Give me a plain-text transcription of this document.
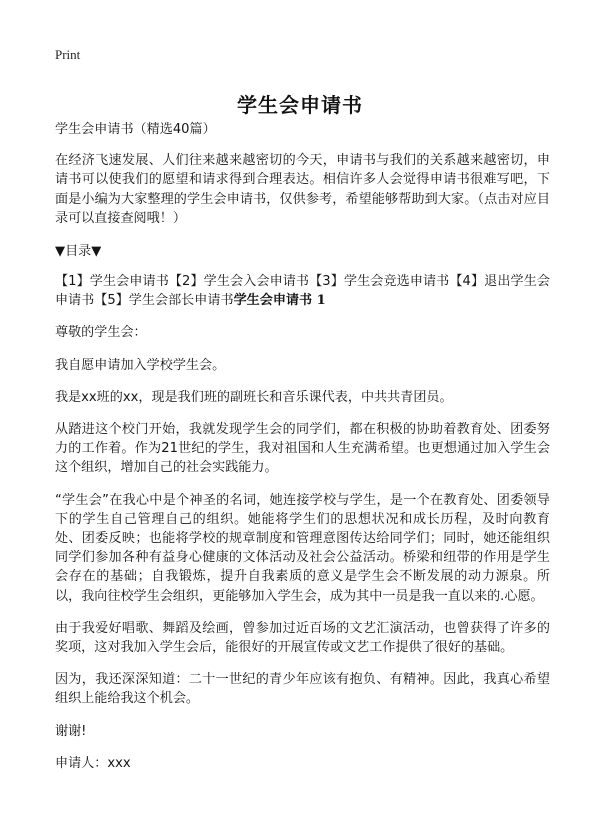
Print
学生会申请书

学生会申请书（精选40篇）

在经济飞速发展、人们往来越来越密切的今天，申请书与我们的关系越来越密切，申请书可以使我们的愿望和请求得到合理表达。相信许多人会觉得申请书很难写吧，下面是小编为大家整理的学生会申请书，仅供参考，希望能够帮助到大家。（点击对应目录可以直接查阅哦！）

▼目录▼

【1】学生会申请书【2】学生会入会申请书【3】学生会竞选申请书【4】退出学生会申请书【5】学生会部长申请书学生会申请书 1

尊敬的学生会：

我自愿申请加入学校学生会。

我是xx班的xx，现是我们班的副班长和音乐课代表，中共共青团员。

从踏进这个校门开始，我就发现学生会的同学们，都在积极的协助着教育处、团委努力的工作着。作为21世纪的学生，我对祖国和人生充满希望。也更想通过加入学生会这个组织，增加自己的社会实践能力。

“学生会”在我心中是个神圣的名词，她连接学校与学生，是一个在教育处、团委领导下的学生自己管理自己的组织。她能将学生们的思想状况和成长历程，及时向教育处、团委反映；也能将学校的规章制度和管理意图传达给同学们；同时，她还能组织同学们参加各种有益身心健康的文体活动及社会公益活动。桥梁和纽带的作用是学生会存在的基础；自我锻炼，提升自我素质的意义是学生会不断发展的动力源泉。所以，我向往校学生会组织，更能够加入学生会，成为其中一员是我一直以来的.心愿。

由于我爱好唱歌、舞蹈及绘画，曾参加过近百场的文艺汇演活动，也曾获得了许多的奖项，这对我加入学生会后，能很好的开展宣传或文艺工作提供了很好的基础。

因为，我还深深知道：二十一世纪的青少年应该有抱负、有精神。因此，我真心希望组织上能给我这个机会。

谢谢!

申请人：xxx
